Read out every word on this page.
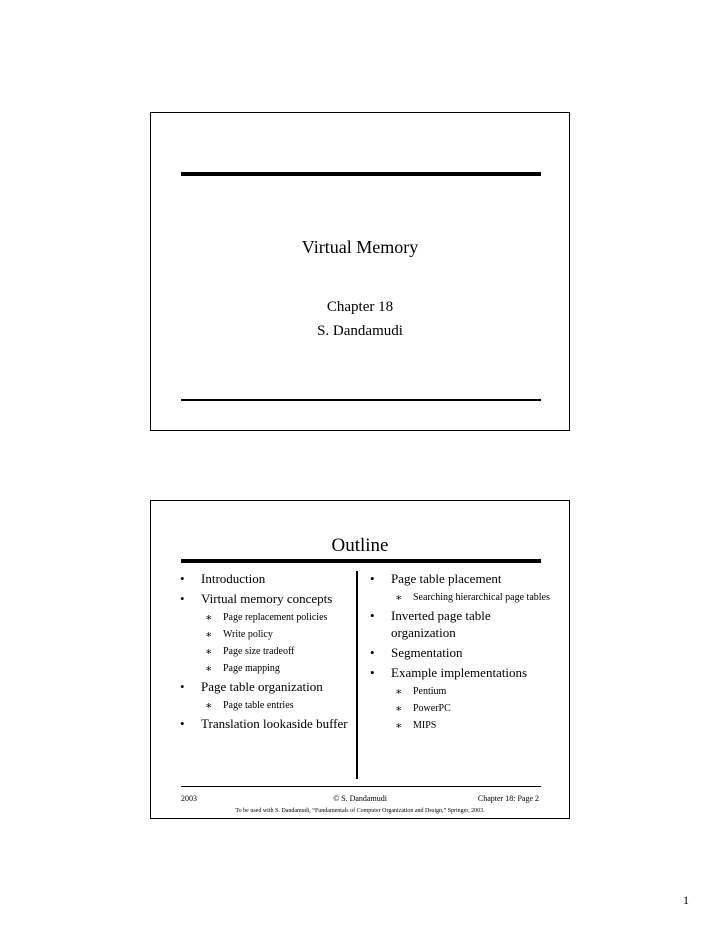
Virtual Memory
Chapter 18
S. Dandamudi
Outline
• Introduction
• Virtual memory concepts
∗ Page replacement policies
∗ Write policy
∗ Page size tradeoff
∗ Page mapping
• Page table organization
∗ Page table entries
• Translation lookaside buffer
• Page table placement
∗ Searching hierarchical page tables
• Inverted page table organization
• Segmentation
• Example implementations
∗ Pentium
∗ PowerPC
∗ MIPS
2003	© S. Dandamudi	Chapter 18: Page 2
To be used with S. Dandamudi, “Fundamentals of Computer Organization and Design,” Springer, 2003.
1
